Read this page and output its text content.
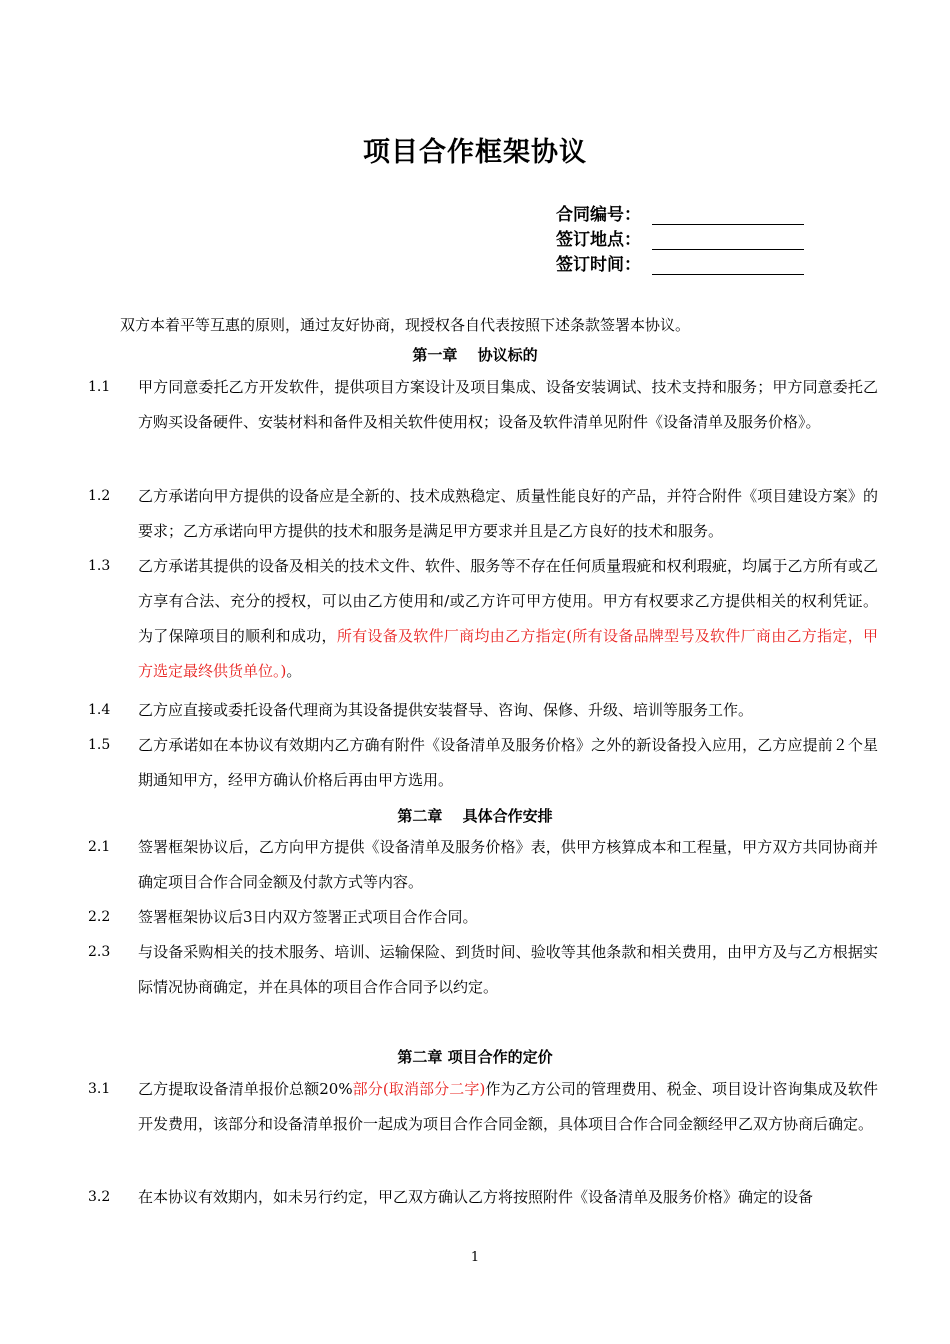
项目合作框架协议
合同编号：
签订地点：
签订时间：
双方本着平等互惠的原则，通过友好协商，现授权各自代表按照下述条款签署本协议。
第一章 　协议标的
1.1 甲方同意委托乙方开发软件，提供项目方案设计及项目集成、设备安装调试、技术支持和服务；甲方同意委托乙方购买设备硬件、安装材料和备件及相关软件使用权；设备及软件清单见附件《设备清单及服务价格》。
1.2 乙方承诺向甲方提供的设备应是全新的、技术成熟稳定、质量性能良好的产品，并符合附件《项目建设方案》的要求；乙方承诺向甲方提供的技术和服务是满足甲方要求并且是乙方良好的技术和服务。
1.3 乙方承诺其提供的设备及相关的技术文件、软件、服务等不存在任何质量瑕疵和权利瑕疵，均属于乙方所有或乙方享有合法、充分的授权，可以由乙方使用和/或乙方许可甲方使用。甲方有权要求乙方提供相关的权利凭证。为了保障项目的顺利和成功，所有设备及软件厂商均由乙方指定(所有设备品牌型号及软件厂商由乙方指定，甲方选定最终供货单位。)。
1.4 乙方应直接或委托设备代理商为其设备提供安装督导、咨询、保修、升级、培训等服务工作。
1.5 乙方承诺如在本协议有效期内乙方确有附件《设备清单及服务价格》之外的新设备投入应用，乙方应提前２个星期通知甲方，经甲方确认价格后再由甲方选用。
第二章 　具体合作安排
2.1 签署框架协议后，乙方向甲方提供《设备清单及服务价格》表，供甲方核算成本和工程量，甲方双方共同协商并确定项目合作合同金额及付款方式等内容。
2.2 签署框架协议后3日内双方签署正式项目合作合同。
2.3 与设备采购相关的技术服务、培训、运输保险、到货时间、验收等其他条款和相关费用，由甲方及与乙方根据实际情况协商确定，并在具体的项目合作合同予以约定。
第二章 项目合作的定价
3.1 乙方提取设备清单报价总额20%部分(取消部分二字)作为乙方公司的管理费用、税金、项目设计咨询集成及软件开发费用，该部分和设备清单报价一起成为项目合作合同金额，具体项目合作合同金额经甲乙双方协商后确定。
3.2 在本协议有效期内，如未另行约定，甲乙双方确认乙方将按照附件《设备清单及服务价格》确定的设备
1
